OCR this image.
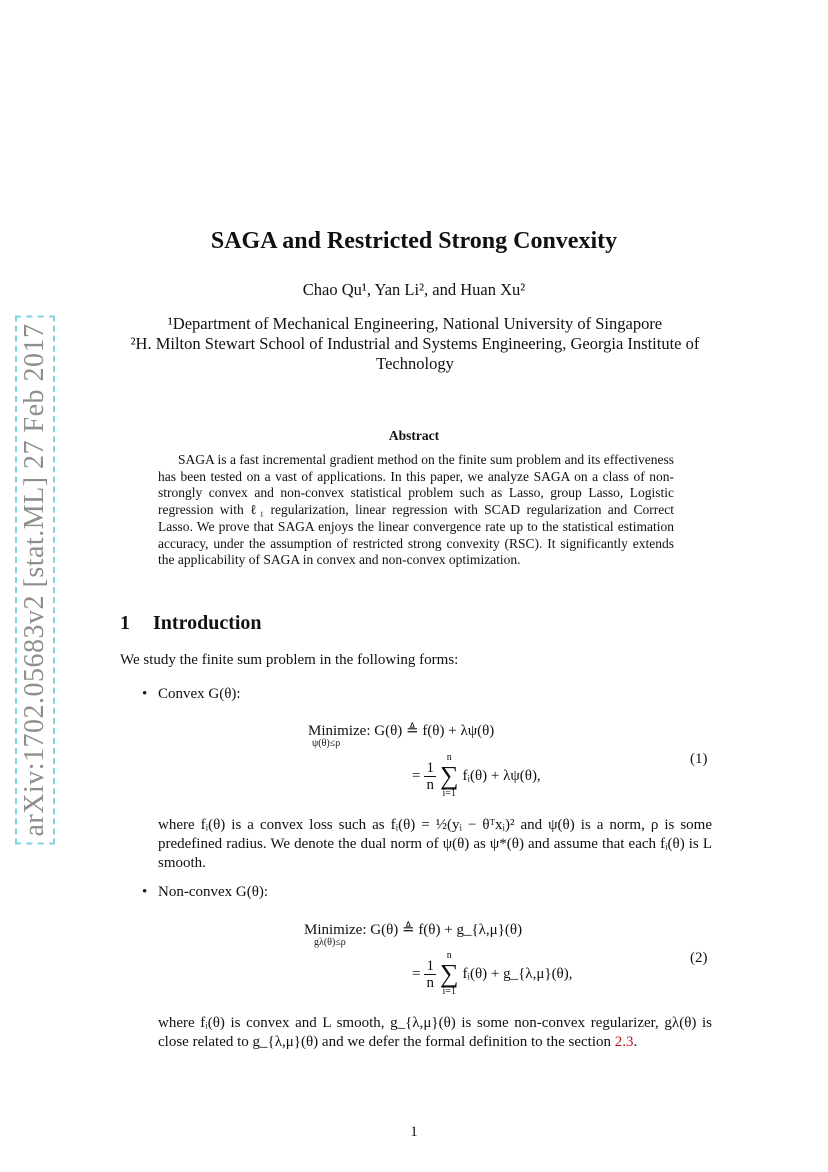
arXiv:1702.05683v2 [stat.ML] 27 Feb 2017
SAGA and Restricted Strong Convexity
Chao Qu¹, Yan Li², and Huan Xu²
¹Department of Mechanical Engineering, National University of Singapore
²H. Milton Stewart School of Industrial and Systems Engineering, Georgia Institute of Technology
Abstract
SAGA is a fast incremental gradient method on the finite sum problem and its effectiveness has been tested on a vast of applications. In this paper, we analyze SAGA on a class of non-strongly convex and non-convex statistical problem such as Lasso, group Lasso, Logistic regression with ℓ₁ regularization, linear regression with SCAD regularization and Correct Lasso. We prove that SAGA enjoys the linear convergence rate up to the statistical estimation accuracy, under the assumption of restricted strong convexity (RSC). It significantly extends the applicability of SAGA in convex and non-convex optimization.
1 Introduction
We study the finite sum problem in the following forms:
• Convex G(θ):
Minimize: G(θ) ≜ f(θ) + λψ(θ)
ψ(θ)≤ρ
= $\frac{1}{n}$
n
∑
i=1
fᵢ(θ) + λψ(θ),
(1)
where fᵢ(θ) is a convex loss such as fᵢ(θ) = ½(yᵢ − θᵀxᵢ)² and ψ(θ) is a norm, ρ is some predefined radius. We denote the dual norm of ψ(θ) as ψ*(θ) and assume that each fᵢ(θ) is L smooth.
• Non-convex G(θ):
Minimize: G(θ) ≜ f(θ) + g_{λ,μ}(θ)
gλ(θ)≤ρ
= $\frac{1}{n}$
n
∑
i=1
fᵢ(θ) + g_{λ,μ}(θ),
(2)
where fᵢ(θ) is convex and L smooth, g_{λ,μ}(θ) is some non-convex regularizer, gλ(θ) is close related to g_{λ,μ}(θ) and we defer the formal definition to the section 2.3.
1
